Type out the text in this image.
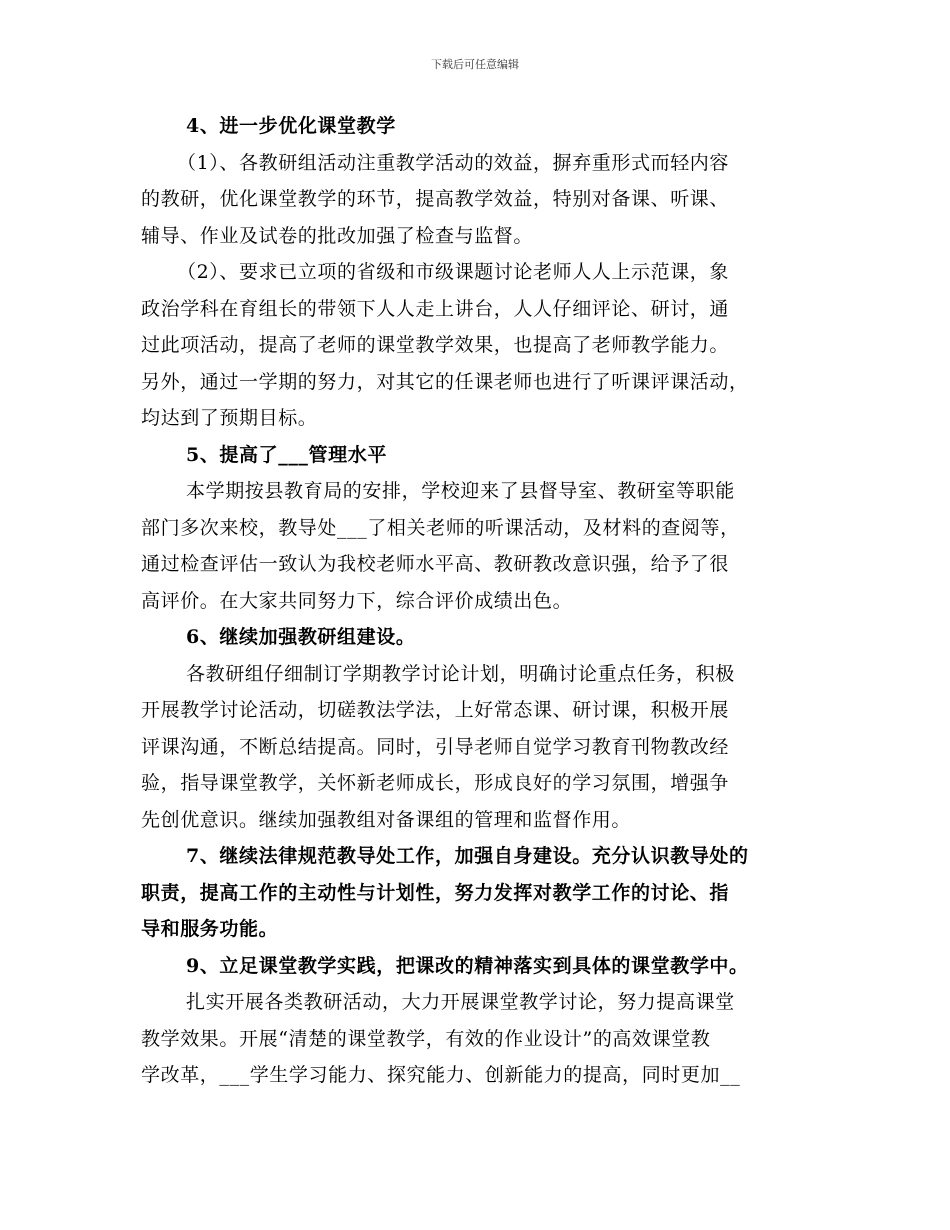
下载后可任意编辑
4、进一步优化课堂教学
（1）、各教研组活动注重教学活动的效益，摒弃重形式而轻内容
的教研，优化课堂教学的环节，提高教学效益，特别对备课、听课、
辅导、作业及试卷的批改加强了检查与监督。
（2）、要求已立项的省级和市级课题讨论老师人人上示范课，象
政治学科在育组长的带领下人人走上讲台，人人仔细评论、研讨，通
过此项活动，提高了老师的课堂教学效果，也提高了老师教学能力。
另外，通过一学期的努力，对其它的任课老师也进行了听课评课活动，
均达到了预期目标。
5、提高了___管理水平
本学期按县教育局的安排，学校迎来了县督导室、教研室等职能
部门多次来校，教导处___了相关老师的听课活动，及材料的查阅等，
通过检查评估一致认为我校老师水平高、教研教改意识强，给予了很
高评价。在大家共同努力下，综合评价成绩出色。
6、继续加强教研组建设。
各教研组仔细制订学期教学讨论计划，明确讨论重点任务，积极
开展教学讨论活动，切磋教法学法，上好常态课、研讨课，积极开展
评课沟通，不断总结提高。同时，引导老师自觉学习教育刊物教改经
验，指导课堂教学，关怀新老师成长，形成良好的学习氛围，增强争
先创优意识。继续加强教组对备课组的管理和监督作用。
7、继续法律规范教导处工作，加强自身建设。充分认识教导处的
职责，提高工作的主动性与计划性，努力发挥对教学工作的讨论、指
导和服务功能。
9、立足课堂教学实践，把课改的精神落实到具体的课堂教学中。
扎实开展各类教研活动，大力开展课堂教学讨论，努力提高课堂
教学效果。开展“清楚的课堂教学，有效的作业设计”的高效课堂教
学改革，___学生学习能力、探究能力、创新能力的提高，同时更加__
